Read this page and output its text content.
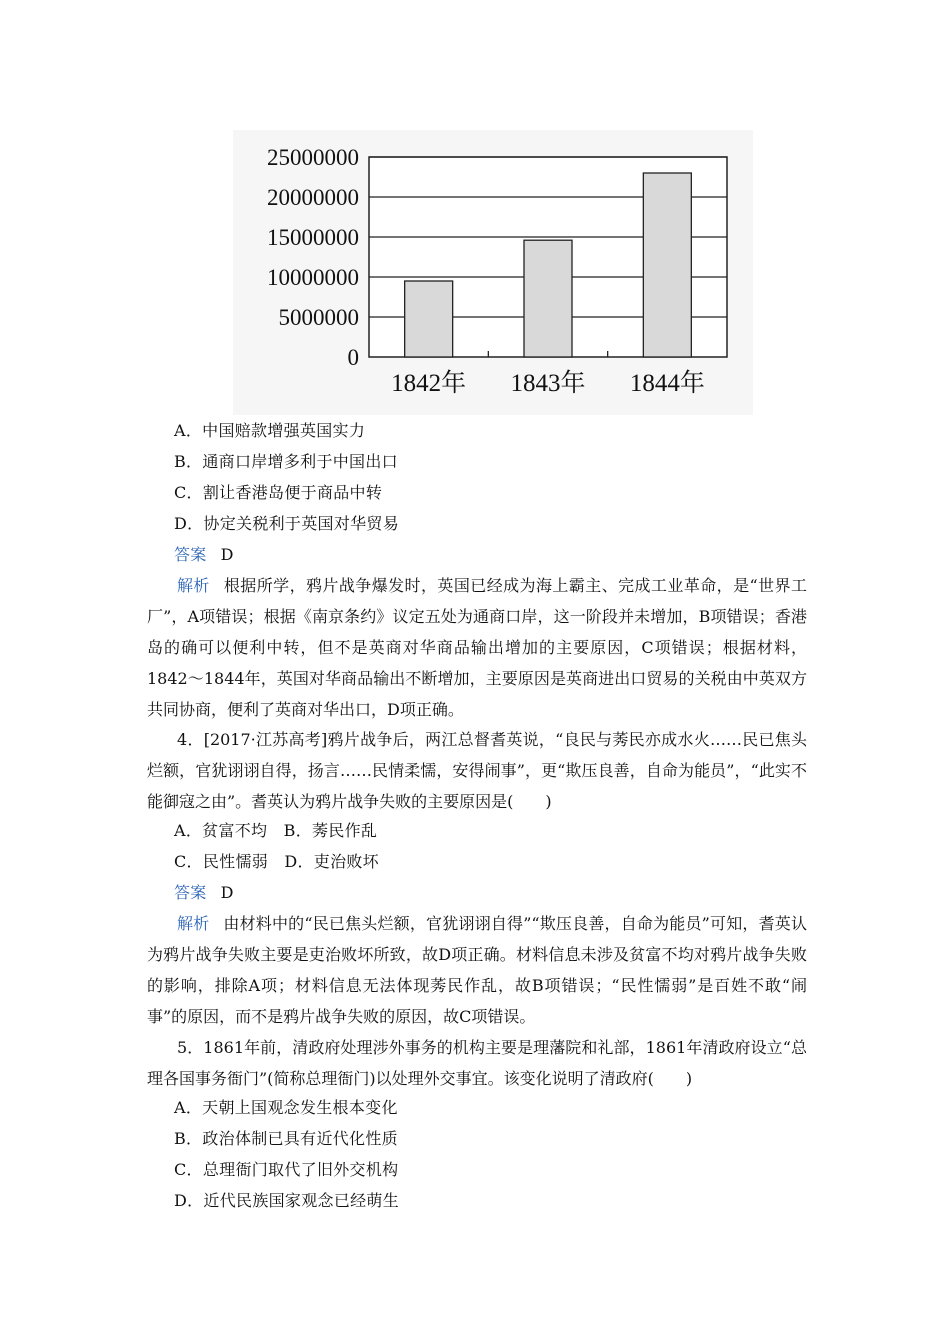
0
5000000
10000000
15000000
20000000
25000000
1842年 1843年 1844年
A．中国赔款增强英国实力
B．通商口岸增多利于中国出口
C．割让香港岛便于商品中转
D．协定关税利于英国对华贸易
答案 D
解析 根据所学，鸦片战争爆发时，英国已经成为海上霸主、完成工业革命，是“世界工厂”，A项错误；根据《南京条约》议定五处为通商口岸，这一阶段并未增加，B项错误；香港岛的确可以便利中转，但不是英商对华商品输出增加的主要原因，C项错误；根据材料，1842～1844年，英国对华商品输出不断增加，主要原因是英商进出口贸易的关税由中英双方共同协商，便利了英商对华出口，D项正确。
4．[2017·江苏高考]鸦片战争后，两江总督耆英说，“良民与莠民亦成水火……民已焦头烂额，官犹诩诩自得，扬言……民情柔懦，安得闹事”，更“欺压良善，自命为能员”，“此实不能御寇之由”。耆英认为鸦片战争失败的主要原因是(　　)
A．贫富不均　B．莠民作乱
C．民性懦弱　D．吏治败坏
答案 D
解析 由材料中的“民已焦头烂额，官犹诩诩自得”“欺压良善，自命为能员”可知，耆英认为鸦片战争失败主要是吏治败坏所致，故D项正确。材料信息未涉及贫富不均对鸦片战争失败的影响，排除A项；材料信息无法体现莠民作乱，故B项错误；“民性懦弱”是百姓不敢“闹事”的原因，而不是鸦片战争失败的原因，故C项错误。
5．1861年前，清政府处理涉外事务的机构主要是理藩院和礼部，1861年清政府设立“总理各国事务衙门”(简称总理衙门)以处理外交事宜。该变化说明了清政府(　　)
A．天朝上国观念发生根本变化
B．政治体制已具有近代化性质
C．总理衙门取代了旧外交机构
D．近代民族国家观念已经萌生
